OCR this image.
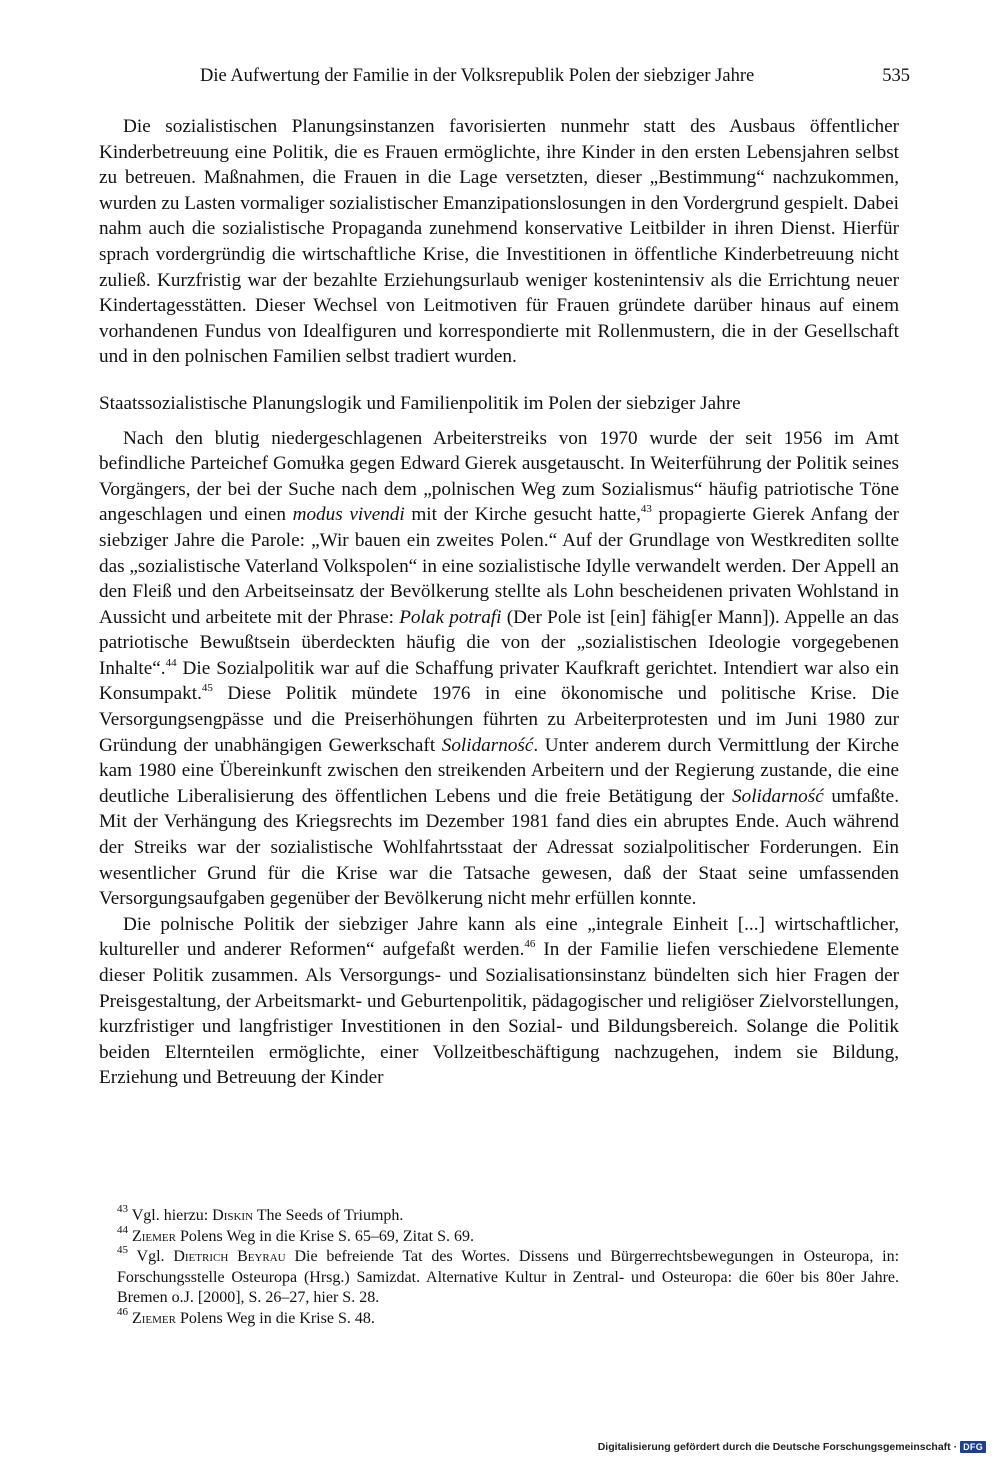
Die Aufwertung der Familie in der Volksrepublik Polen der siebziger Jahre	535

Die sozialistischen Planungsinstanzen favorisierten nunmehr statt des Ausbaus öffentlicher Kinderbetreuung eine Politik, die es Frauen ermöglichte, ihre Kinder in den ersten Lebensjahren selbst zu betreuen. Maßnahmen, die Frauen in die Lage versetzten, dieser „Bestimmung“ nachzukommen, wurden zu Lasten vormaliger sozialistischer Emanzipationslosungen in den Vordergrund gespielt. Dabei nahm auch die sozialistische Propaganda zunehmend konservative Leitbilder in ihren Dienst. Hierfür sprach vordergründig die wirtschaftliche Krise, die Investitionen in öffentliche Kinderbetreuung nicht zuließ. Kurzfristig war der bezahlte Erziehungsurlaub weniger kostenintensiv als die Errichtung neuer Kindertagesstätten. Dieser Wechsel von Leitmotiven für Frauen gründete darüber hinaus auf einem vorhandenen Fundus von Idealfiguren und korrespondierte mit Rollenmustern, die in der Gesellschaft und in den polnischen Familien selbst tradiert wurden.

Staatssozialistische Planungslogik und Familienpolitik im Polen der siebziger Jahre

Nach den blutig niedergeschlagenen Arbeiterstreiks von 1970 wurde der seit 1956 im Amt befindliche Parteichef Gomułka gegen Edward Gierek ausgetauscht. In Weiterführung der Politik seines Vorgängers, der bei der Suche nach dem „polnischen Weg zum Sozialismus“ häufig patriotische Töne angeschlagen und einen modus vivendi mit der Kirche gesucht hatte,$^{43}$ propagierte Gierek Anfang der siebziger Jahre die Parole: „Wir bauen ein zweites Polen.“ Auf der Grundlage von Westkrediten sollte das „sozialistische Vaterland Volkspolen“ in eine sozialistische Idylle verwandelt werden. Der Appell an den Fleiß und den Arbeitseinsatz der Bevölkerung stellte als Lohn bescheidenen privaten Wohlstand in Aussicht und arbeitete mit der Phrase: Polak potrafi (Der Pole ist [ein] fähig[er Mann]). Appelle an das patriotische Bewußtsein überdeckten häufig die von der „sozialistischen Ideologie vorgegebenen Inhalte“.$^{44}$ Die Sozialpolitik war auf die Schaffung privater Kaufkraft gerichtet. Intendiert war also ein Konsumpakt.$^{45}$ Diese Politik mündete 1976 in eine ökonomische und politische Krise. Die Versorgungsengpässe und die Preiserhöhungen führten zu Arbeiterprotesten und im Juni 1980 zur Gründung der unabhängigen Gewerkschaft Solidarność. Unter anderem durch Vermittlung der Kirche kam 1980 eine Übereinkunft zwischen den streikenden Arbeitern und der Regierung zustande, die eine deutliche Liberalisierung des öffentlichen Lebens und die freie Betätigung der Solidarność umfaßte. Mit der Verhängung des Kriegsrechts im Dezember 1981 fand dies ein abruptes Ende. Auch während der Streiks war der sozialistische Wohlfahrtsstaat der Adressat sozialpolitischer Forderungen. Ein wesentlicher Grund für die Krise war die Tatsache gewesen, daß der Staat seine umfassenden Versorgungsaufgaben gegenüber der Bevölkerung nicht mehr erfüllen konnte.

Die polnische Politik der siebziger Jahre kann als eine „integrale Einheit [...] wirtschaftlicher, kultureller und anderer Reformen“ aufgefaßt werden.$^{46}$ In der Familie liefen verschiedene Elemente dieser Politik zusammen. Als Versorgungs- und Sozialisationsinstanz bündelten sich hier Fragen der Preisgestaltung, der Arbeitsmarkt- und Geburtenpolitik, pädagogischer und religiöser Zielvorstellungen, kurzfristiger und langfristiger Investitionen in den Sozial- und Bildungsbereich. Solange die Politik beiden Elternteilen ermöglichte, einer Vollzeitbeschäftigung nachzugehen, indem sie Bildung, Erziehung und Betreuung der Kinder

$^{43}$ Vgl. hierzu: Diskin The Seeds of Triumph.

$^{44}$ Ziemer Polens Weg in die Krise S. 65–69, Zitat S. 69.

$^{45}$ Vgl. Dietrich Beyrau Die befreiende Tat des Wortes. Dissens und Bürgerrechtsbewegungen in Osteuropa, in: Forschungsstelle Osteuropa (Hrsg.) Samizdat. Alternative Kultur in Zentral- und Osteuropa: die 60er bis 80er Jahre. Bremen o.J. [2000], S. 26–27, hier S. 28.

$^{46}$ Ziemer Polens Weg in die Krise S. 48.

Digitalisierung gefördert durch die Deutsche Forschungsgemeinschaft · DFG
